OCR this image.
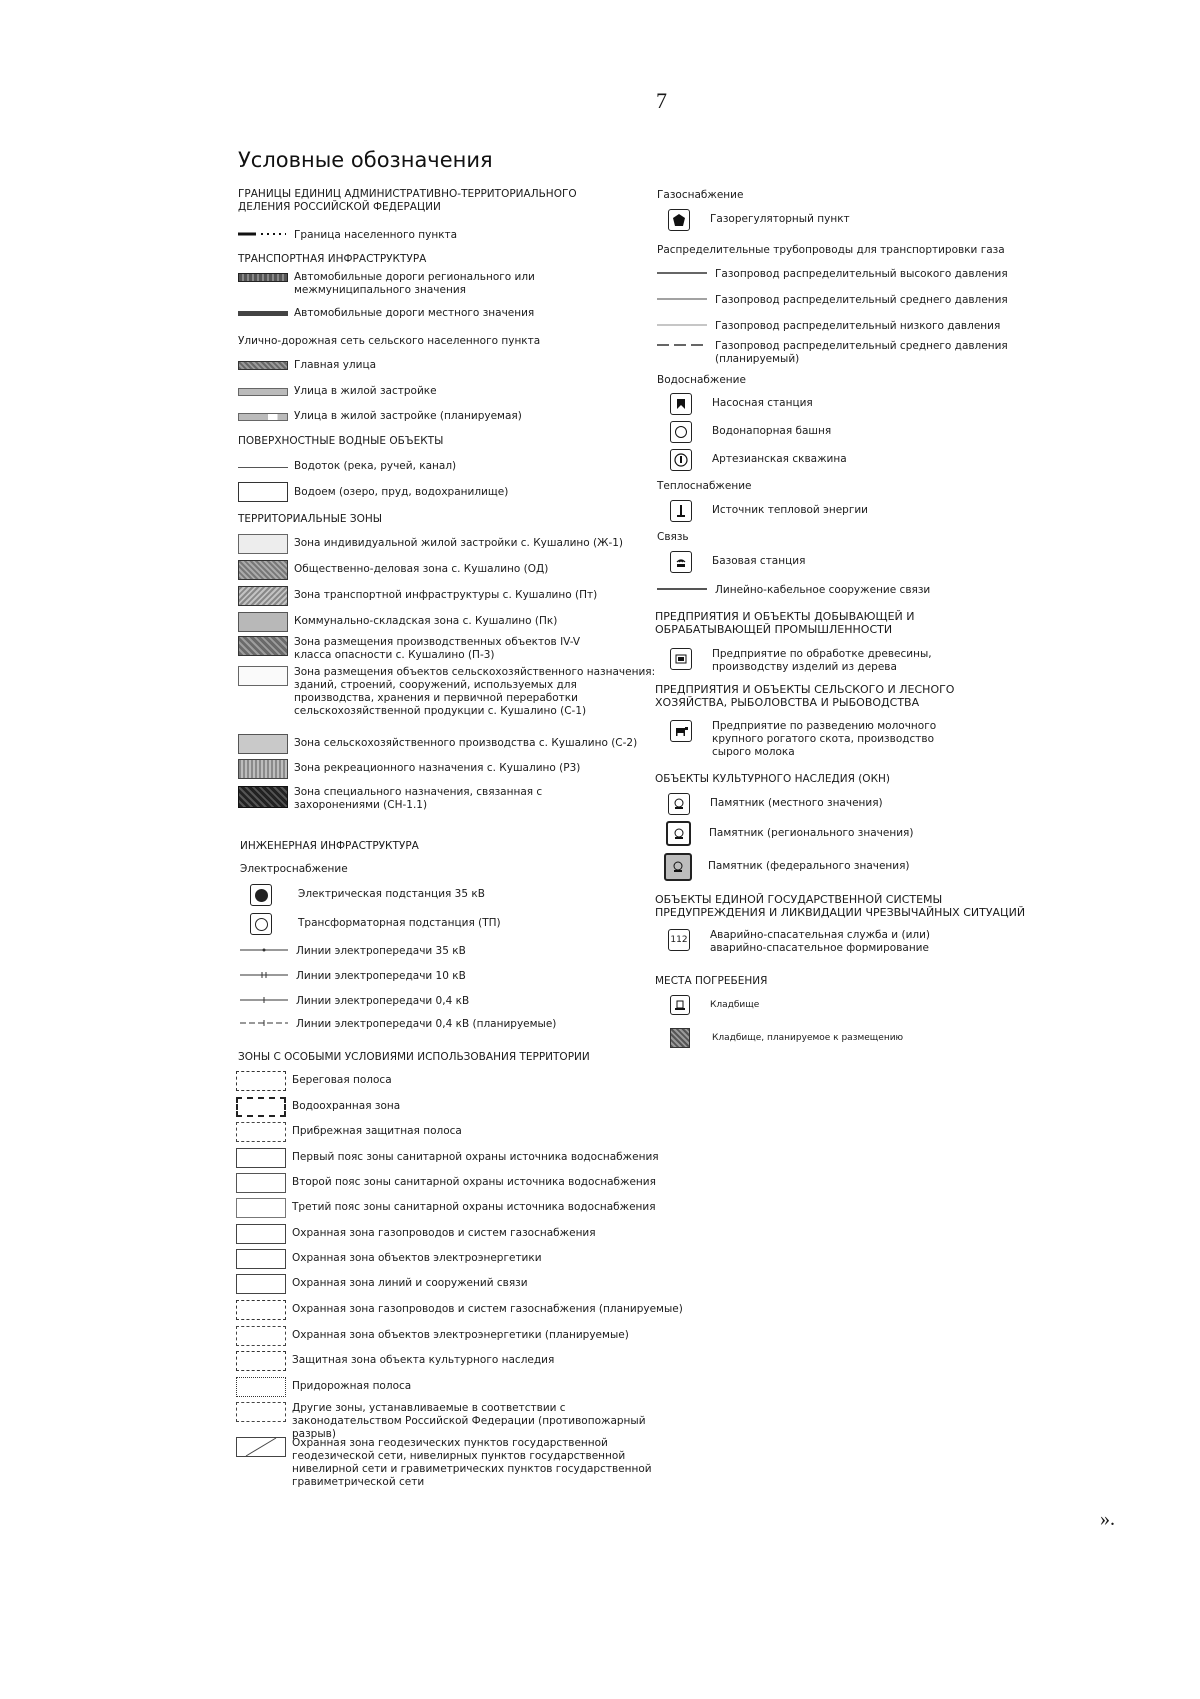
7
Условные обозначения
ГРАНИЦЫ ЕДИНИЦ АДМИНИСТРАТИВНО-ТЕРРИТОРИАЛЬНОГО ДЕЛЕНИЯ РОССИЙСКОЙ ФЕДЕРАЦИИ
Граница населенного пункта
ТРАНСПОРТНАЯ ИНФРАСТРУКТУРА
Автомобильные дороги регионального или межмуниципального значения
Автомобильные дороги местного значения
Улично-дорожная сеть сельского населенного пункта
Главная улица
Улица в жилой застройке
Улица в жилой застройке (планируемая)
ПОВЕРХНОСТНЫЕ ВОДНЫЕ ОБЪЕКТЫ
Водоток (река, ручей, канал)
Водоем (озеро, пруд, водохранилище)
ТЕРРИТОРИАЛЬНЫЕ ЗОНЫ
Зона индивидуальной жилой застройки с. Кушалино (Ж-1)
Общественно-деловая зона с. Кушалино (ОД)
Зона транспортной инфраструктуры с. Кушалино (Пт)
Коммунально-складская зона с. Кушалино (Пк)
Зона размещения производственных объектов IV-V класса опасности с. Кушалино (П-3)
Зона размещения объектов сельскохозяйственного назначения: зданий, строений, сооружений, используемых для производства, хранения и первичной переработки сельскохозяйственной продукции с. Кушалино (С-1)
Зона сельскохозяйственного производства с. Кушалино (С-2)
Зона рекреационного назначения с. Кушалино (Р3)
Зона специального назначения, связанная с захоронениями (СН-1.1)
ИНЖЕНЕРНАЯ ИНФРАСТРУКТУРА
Электроснабжение
Электрическая подстанция 35 кВ
Трансформаторная подстанция (ТП)
Линии электропередачи 35 кВ
Линии электропередачи 10 кВ
Линии электропередачи 0,4 кВ
Линии электропередачи 0,4 кВ (планируемые)
ЗОНЫ С ОСОБЫМИ УСЛОВИЯМИ ИСПОЛЬЗОВАНИЯ ТЕРРИТОРИИ
Береговая полоса
Водоохранная зона
Прибрежная защитная полоса
Первый пояс зоны санитарной охраны источника водоснабжения
Второй пояс зоны санитарной охраны источника водоснабжения
Третий пояс зоны санитарной охраны источника водоснабжения
Охранная зона газопроводов и систем газоснабжения
Охранная зона объектов электроэнергетики
Охранная зона линий и сооружений связи
Охранная зона газопроводов и систем газоснабжения (планируемые)
Охранная зона объектов электроэнергетики (планируемые)
Защитная зона объекта культурного наследия
Придорожная полоса
Другие зоны, устанавливаемые в соответствии с законодательством Российской Федерации (противопожарный разрыв)
Охранная зона геодезических пунктов государственной геодезической сети, нивелирных пунктов государственной нивелирной сети и гравиметрических пунктов государственной гравиметрической сети
Газоснабжение
Газорегуляторный пункт
Распределительные трубопроводы для транспортировки газа
Газопровод распределительный высокого давления
Газопровод распределительный среднего давления
Газопровод распределительный низкого давления
Газопровод распределительный среднего давления (планируемый)
Водоснабжение
Насосная станция
Водонапорная башня
Артезианская скважина
Теплоснабжение
Источник тепловой энергии
Связь
Базовая станция
Линейно-кабельное сооружение связи
ПРЕДПРИЯТИЯ И ОБЪЕКТЫ ДОБЫВАЮЩЕЙ И ОБРАБАТЫВАЮЩЕЙ ПРОМЫШЛЕННОСТИ
Предприятие по обработке древесины, производству изделий из дерева
ПРЕДПРИЯТИЯ И ОБЪЕКТЫ СЕЛЬСКОГО И ЛЕСНОГО ХОЗЯЙСТВА, РЫБОЛОВСТВА И РЫБОВОДСТВА
Предприятие по разведению молочного крупного рогатого скота, производство сырого молока
ОБЪЕКТЫ КУЛЬТУРНОГО НАСЛЕДИЯ (ОКН)
Памятник (местного значения)
Памятник (регионального значения)
Памятник (федерального значения)
ОБЪЕКТЫ ЕДИНОЙ ГОСУДАРСТВЕННОЙ СИСТЕМЫ ПРЕДУПРЕЖДЕНИЯ И ЛИКВИДАЦИИ ЧРЕЗВЫЧАЙНЫХ СИТУАЦИЙ
112 Аварийно-спасательная служба и (или) аварийно-спасательное формирование
МЕСТА ПОГРЕБЕНИЯ
Кладбище
Кладбище, планируемое к размещению
».
